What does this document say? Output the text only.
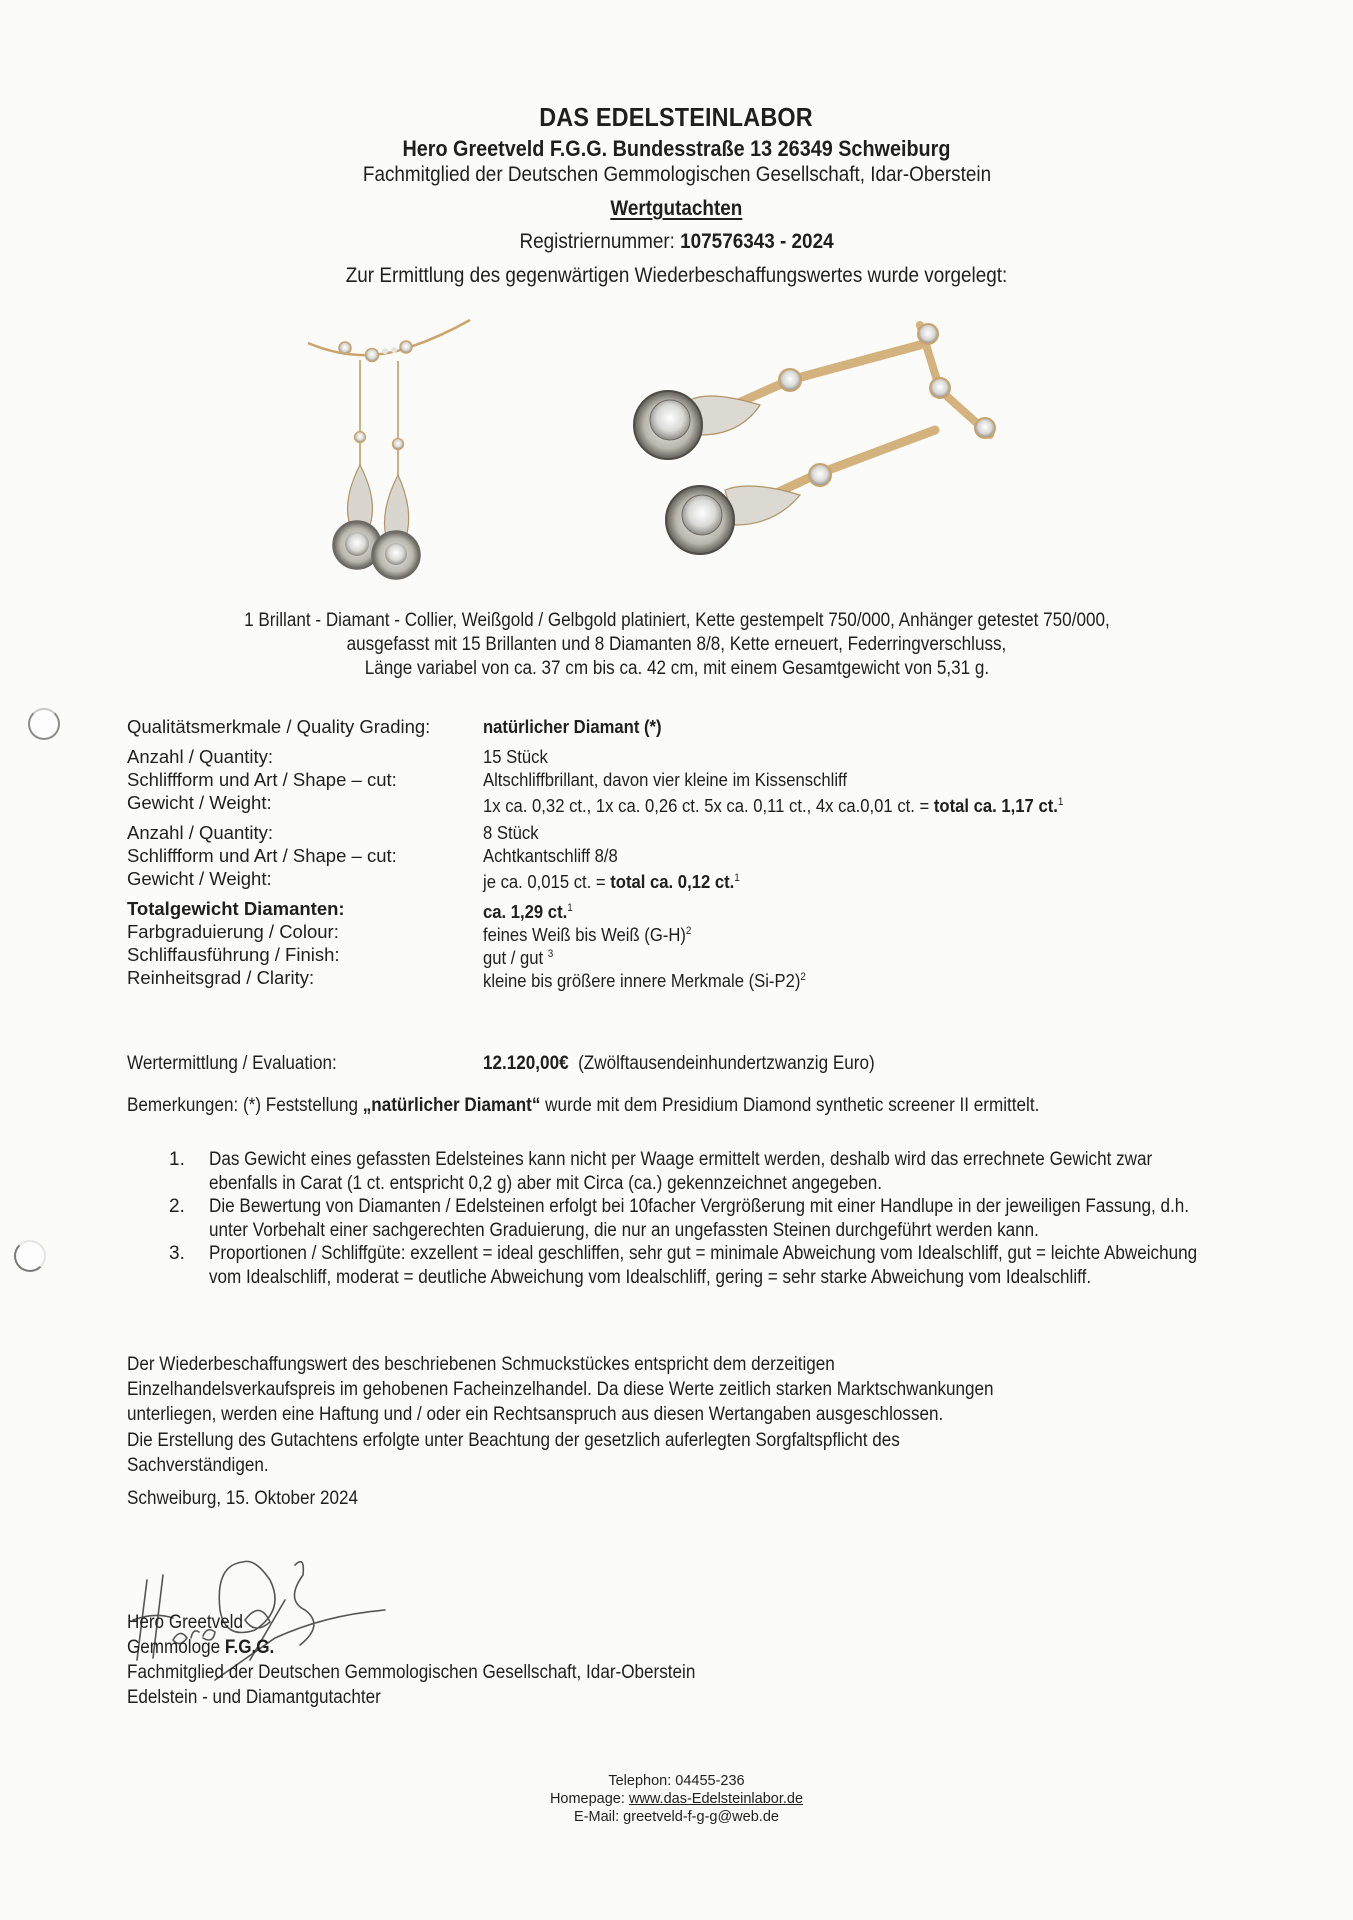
DAS EDELSTEINLABOR
Hero Greetveld F.G.G. Bundesstraße 13 26349 Schweiburg
Fachmitglied der Deutschen Gemmologischen Gesellschaft, Idar-Oberstein
Wertgutachten
Registriernummer: 107576343 - 2024
Zur Ermittlung des gegenwärtigen Wiederbeschaffungswertes wurde vorgelegt:
1 Brillant - Diamant - Collier, Weißgold / Gelbgold platiniert, Kette gestempelt 750/000, Anhänger getestet 750/000,
ausgefasst mit 15 Brillanten und 8 Diamanten 8/8, Kette erneuert, Federringverschluss,
Länge variabel von ca. 37 cm bis ca. 42 cm, mit einem Gesamtgewicht von 5,31 g.
Qualitätsmerkmale / Quality Grading:	natürlicher Diamant (*)
Anzahl / Quantity:	15 Stück
Schliffform und Art / Shape – cut:	Altschliffbrillant, davon vier kleine im Kissenschliff
Gewicht / Weight:	1x ca. 0,32 ct., 1x ca. 0,26 ct. 5x ca. 0,11 ct., 4x ca.0,01 ct. = total ca. 1,17 ct.$^1$
Anzahl / Quantity:	8 Stück
Schliffform und Art / Shape – cut:	Achtkantschliff 8/8
Gewicht / Weight:	je ca. 0,015 ct. = total ca. 0,12 ct.$^1$
Totalgewicht Diamanten:	ca. 1,29 ct.$^1$
Farbgraduierung / Colour:	feines Weiß bis Weiß $(G-H)^2$
Schliffausführung / Finish:	gut / gut $^3$
Reinheitsgrad / Clarity:	kleine bis größere innere Merkmale $(Si-P2)^2$
Wertermittlung / Evaluation:	12.120,00€ (Zwölftausendeinhundertzwanzig Euro)
Bemerkungen: (*) Feststellung „natürlicher Diamant“ wurde mit dem Presidium Diamond synthetic screener II ermittelt.
1. Das Gewicht eines gefassten Edelsteines kann nicht per Waage ermittelt werden, deshalb wird das errechnete Gewicht zwar ebenfalls in Carat (1 ct. entspricht 0,2 g) aber mit Circa (ca.) gekennzeichnet angegeben.
2. Die Bewertung von Diamanten / Edelsteinen erfolgt bei 10facher Vergrößerung mit einer Handlupe in der jeweiligen Fassung, d.h. unter Vorbehalt einer sachgerechten Graduierung, die nur an ungefassten Steinen durchgeführt werden kann.
3. Proportionen / Schliffgüte: exzellent = ideal geschliffen, sehr gut = minimale Abweichung vom Idealschliff, gut = leichte Abweichung vom Idealschliff, moderat = deutliche Abweichung vom Idealschliff, gering = sehr starke Abweichung vom Idealschliff.
Der Wiederbeschaffungswert des beschriebenen Schmuckstückes entspricht dem derzeitigen
Einzelhandelsverkaufspreis im gehobenen Facheinzelhandel. Da diese Werte zeitlich starken Marktschwankungen
unterliegen, werden eine Haftung und / oder ein Rechtsanspruch aus diesen Wertangaben ausgeschlossen.
Die Erstellung des Gutachtens erfolgte unter Beachtung der gesetzlich auferlegten Sorgfaltspflicht des
Sachverständigen.
Schweiburg, 15. Oktober 2024
Hero Greetveld
Gemmologe F.G.G.
Fachmitglied der Deutschen Gemmologischen Gesellschaft, Idar-Oberstein
Edelstein - und Diamantgutachter
Telephon: 04455-236
Homepage: www.das-Edelsteinlabor.de
E-Mail: greetveld-f-g-g@web.de
